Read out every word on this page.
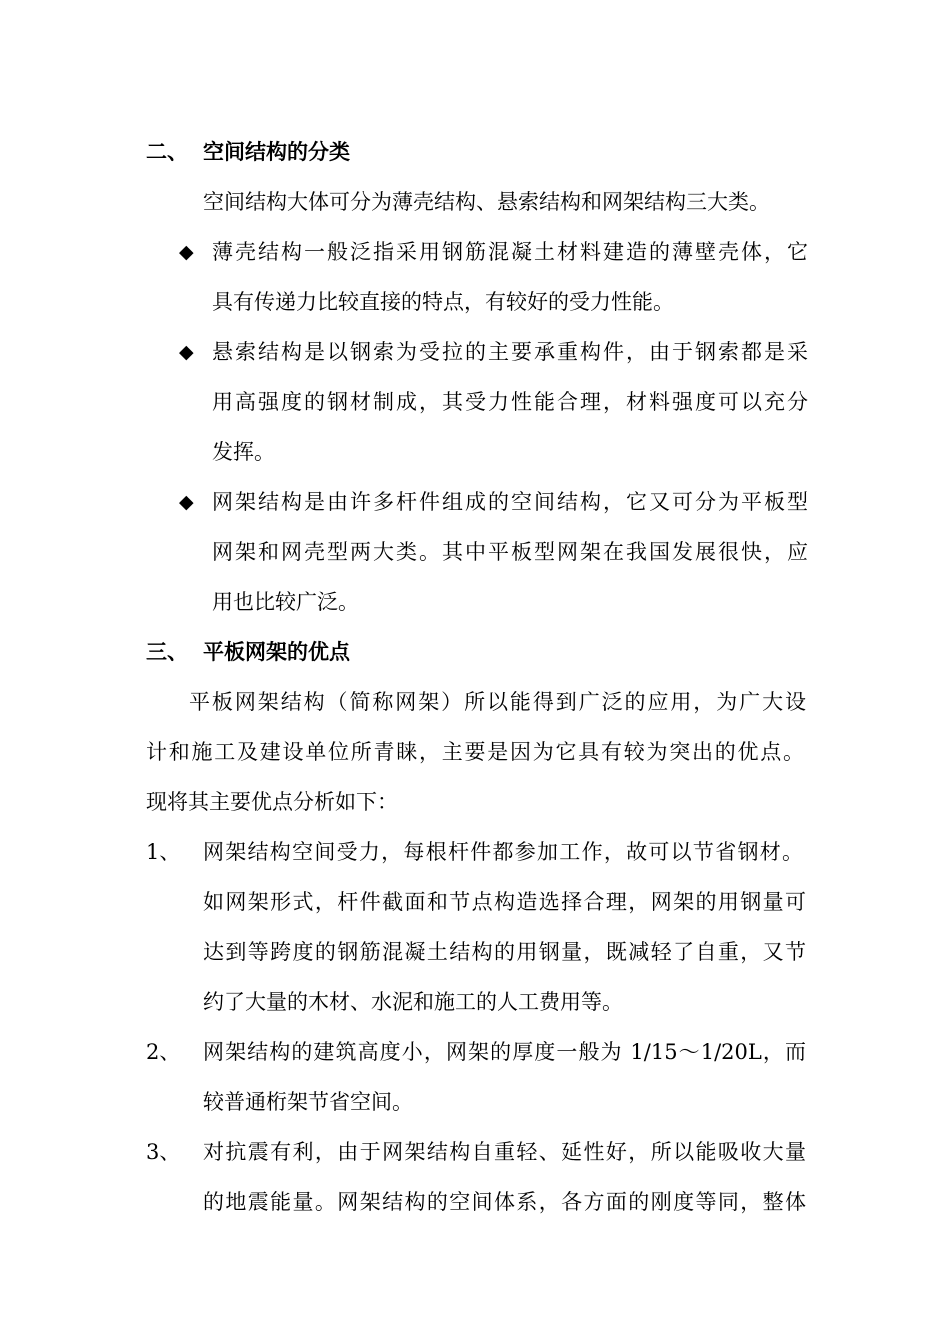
二、 空间结构的分类
空间结构大体可分为薄壳结构、悬索结构和网架结构三大类。
◆ 薄壳结构一般泛指采用钢筋混凝土材料建造的薄壁壳体，它
具有传递力比较直接的特点，有较好的受力性能。
◆ 悬索结构是以钢索为受拉的主要承重构件，由于钢索都是采
用高强度的钢材制成，其受力性能合理，材料强度可以充分
发挥。
◆ 网架结构是由许多杆件组成的空间结构，它又可分为平板型
网架和网壳型两大类。其中平板型网架在我国发展很快，应
用也比较广泛。
三、 平板网架的优点
平板网架结构（简称网架）所以能得到广泛的应用，为广大设
计和施工及建设单位所青睐，主要是因为它具有较为突出的优点。
现将其主要优点分析如下：
1、 网架结构空间受力，每根杆件都参加工作，故可以节省钢材。
如网架形式，杆件截面和节点构造选择合理，网架的用钢量可
达到等跨度的钢筋混凝土结构的用钢量，既减轻了自重，又节
约了大量的木材、水泥和施工的人工费用等。
2、 网架结构的建筑高度小，网架的厚度一般为 1/15～1/20L，而
较普通桁架节省空间。
3、 对抗震有利，由于网架结构自重轻、延性好，所以能吸收大量
的地震能量。网架结构的空间体系，各方面的刚度等同，整体
